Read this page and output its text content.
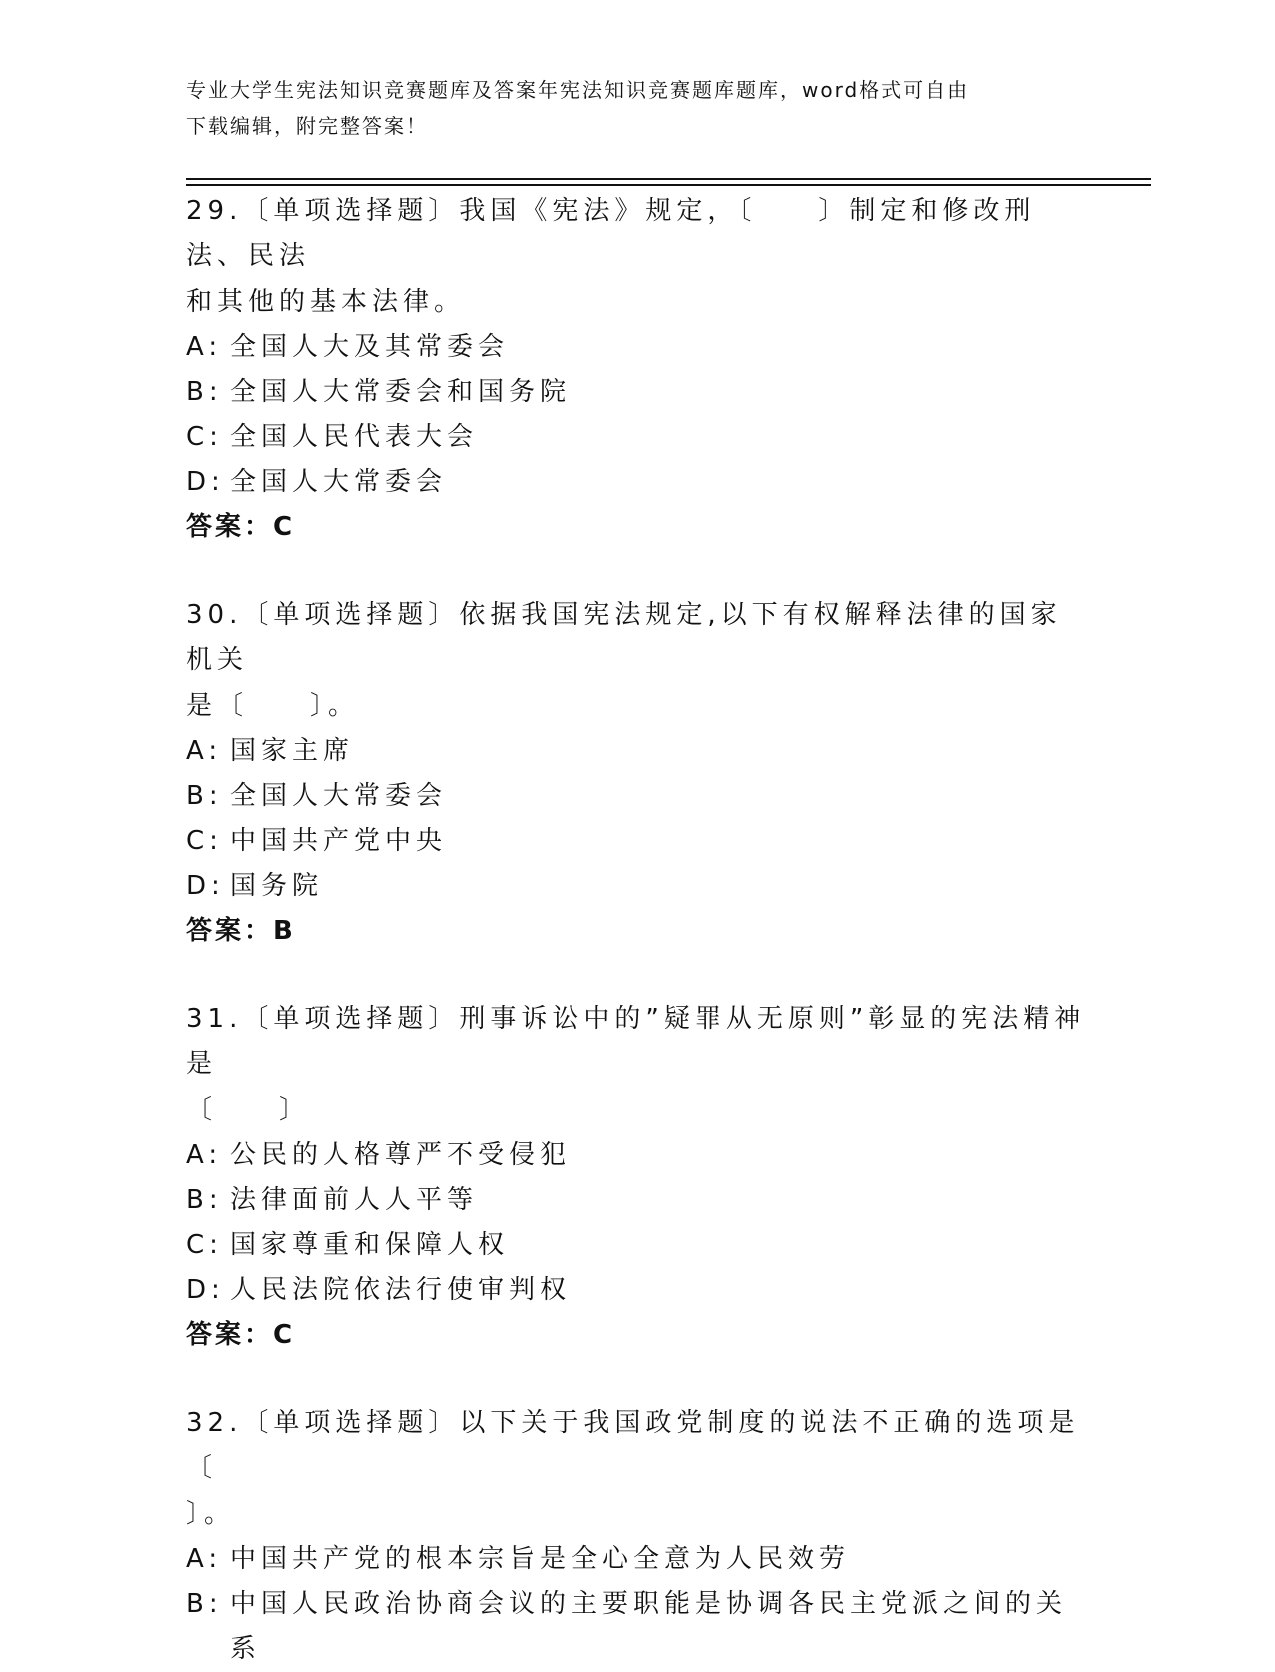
专业大学生宪法知识竞赛题库及答案年宪法知识竞赛题库题库，word格式可自由
下载编辑，附完整答案！
29.〔单项选择题〕我国《宪法》规定，〔　　〕制定和修改刑法、民法
和其他的基本法律。
A: 全国人大及其常委会
B: 全国人大常委会和国务院
C: 全国人民代表大会
D: 全国人大常委会
答案：C
30.〔单项选择题〕依据我国宪法规定,以下有权解释法律的国家机关
是〔　　〕。
A: 国家主席
B: 全国人大常委会
C: 中国共产党中央
D: 国务院
答案：B
31.〔单项选择题〕刑事诉讼中的”疑罪从无原则”彰显的宪法精神是
〔　　〕
A: 公民的人格尊严不受侵犯
B: 法律面前人人平等
C: 国家尊重和保障人权
D: 人民法院依法行使审判权
答案：C
32.〔单项选择题〕以下关于我国政党制度的说法不正确的选项是〔
〕。
A: 中国共产党的根本宗旨是全心全意为人民效劳
B: 中国人民政治协商会议的主要职能是协调各民主党派之间的关系
